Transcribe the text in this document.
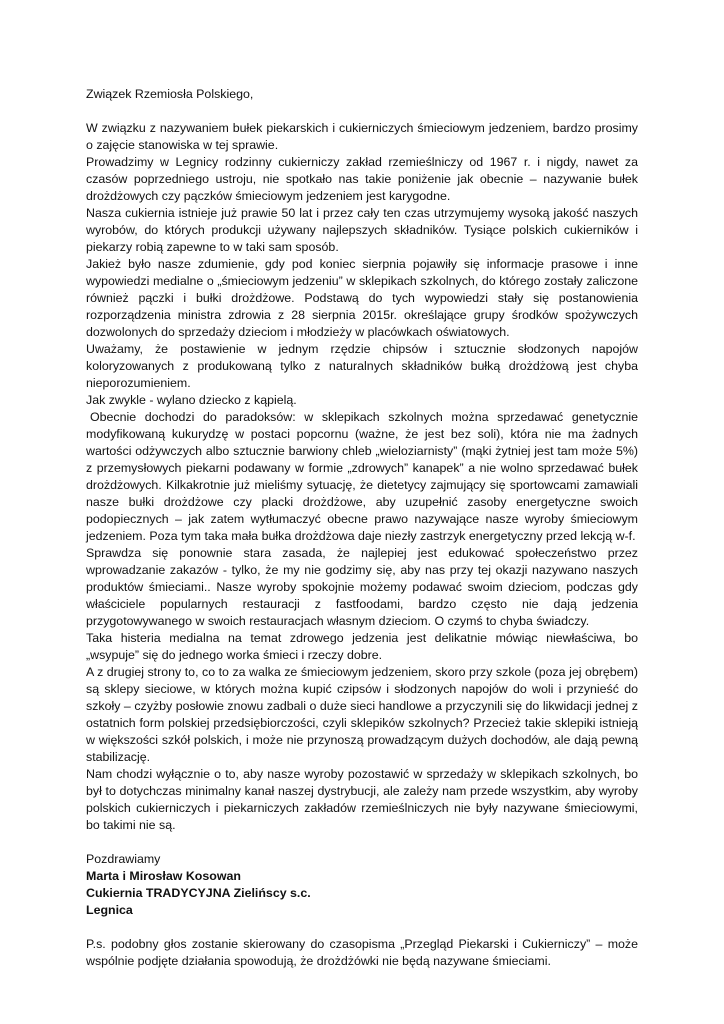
Związek Rzemiosła Polskiego,

W związku z nazywaniem bułek piekarskich i cukierniczych śmieciowym jedzeniem, bardzo prosimy o zajęcie stanowiska w tej sprawie.

Prowadzimy w Legnicy rodzinny cukierniczy zakład rzemieślniczy od 1967 r. i nigdy, nawet za czasów poprzedniego ustroju, nie spotkało nas takie poniżenie jak obecnie – nazywanie bułek drożdżowych czy pączków śmieciowym jedzeniem jest karygodne.

Nasza cukiernia istnieje już prawie 50 lat i przez cały ten czas utrzymujemy wysoką jakość naszych wyrobów, do których produkcji używany najlepszych składników. Tysiące polskich cukierników i piekarzy robią zapewne to w taki sam sposób.

Jakież było nasze zdumienie, gdy pod koniec sierpnia pojawiły się informacje prasowe i inne wypowiedzi medialne o „śmieciowym jedzeniu” w sklepikach szkolnych, do którego zostały zaliczone również pączki i bułki drożdżowe. Podstawą do tych wypowiedzi stały się postanowienia rozporządzenia ministra zdrowia z 28 sierpnia 2015r. określające grupy środków spożywczych dozwolonych do sprzedaży dzieciom i młodzieży w placówkach oświatowych.

Uważamy, że postawienie w jednym rzędzie chipsów i sztucznie słodzonych napojów koloryzowanych z produkowaną tylko z naturalnych składników bułką drożdżową jest chyba nieporozumieniem.

Jak zwykle - wylano dziecko z kąpielą.

Obecnie dochodzi do paradoksów: w sklepikach szkolnych można sprzedawać genetycznie modyfikowaną kukurydzę w postaci popcornu (ważne, że jest bez soli), która nie ma żadnych wartości odżywczych albo sztucznie barwiony chleb „wieloziarnisty” (mąki żytniej jest tam może 5%) z przemysłowych piekarni podawany w formie „zdrowych” kanapek” a nie wolno sprzedawać bułek drożdżowych. Kilkakrotnie już mieliśmy sytuację, że dietetycy zajmujący się sportowcami zamawiali nasze bułki drożdżowe czy placki drożdżowe, aby uzupełnić zasoby energetyczne swoich podopiecznych – jak zatem wytłumaczyć obecne prawo nazywające nasze wyroby śmieciowym jedzeniem. Poza tym taka mała bułka drożdżowa daje niezły zastrzyk energetyczny przed lekcją w-f.

Sprawdza się ponownie stara zasada, że najlepiej jest edukować społeczeństwo przez wprowadzanie zakazów - tylko, że my nie godzimy się, aby nas przy tej okazji nazywano naszych produktów śmieciami.. Nasze wyroby spokojnie możemy podawać swoim dzieciom, podczas gdy właściciele popularnych restauracji z fastfoodami, bardzo często nie dają jedzenia przygotowywanego w swoich restauracjach własnym dzieciom. O czymś to chyba świadczy.

Taka histeria medialna na temat zdrowego jedzenia jest delikatnie mówiąc niewłaściwa, bo „wsypuje” się do jednego worka śmieci i rzeczy dobre.

A z drugiej strony to, co to za walka ze śmieciowym jedzeniem, skoro przy szkole (poza jej obrębem) są sklepy sieciowe, w których można kupić czipsów i słodzonych napojów do woli i przynieść do szkoły – czyżby posłowie znowu zadbali o duże sieci handlowe a przyczynili się do likwidacji jednej z ostatnich form polskiej przedsiębiorczości, czyli sklepików szkolnych? Przecież takie sklepiki istnieją w większości szkół polskich, i może nie przynoszą prowadzącym dużych dochodów, ale dają pewną stabilizację.

Nam chodzi wyłącznie o to, aby nasze wyroby pozostawić w sprzedaży w sklepikach szkolnych, bo był to dotychczas minimalny kanał naszej dystrybucji, ale zależy nam przede wszystkim, aby wyroby polskich cukierniczych i piekarniczych zakładów rzemieślniczych nie były nazywane śmieciowymi, bo takimi nie są.

Pozdrawiamy
Marta i Mirosław Kosowan
Cukiernia TRADYCYJNA Zielińscy s.c.
Legnica

P.s. podobny głos zostanie skierowany do czasopisma „Przegląd Piekarski i Cukierniczy” – może wspólnie podjęte działania spowodują, że drożdżówki nie będą nazywane śmieciami.
